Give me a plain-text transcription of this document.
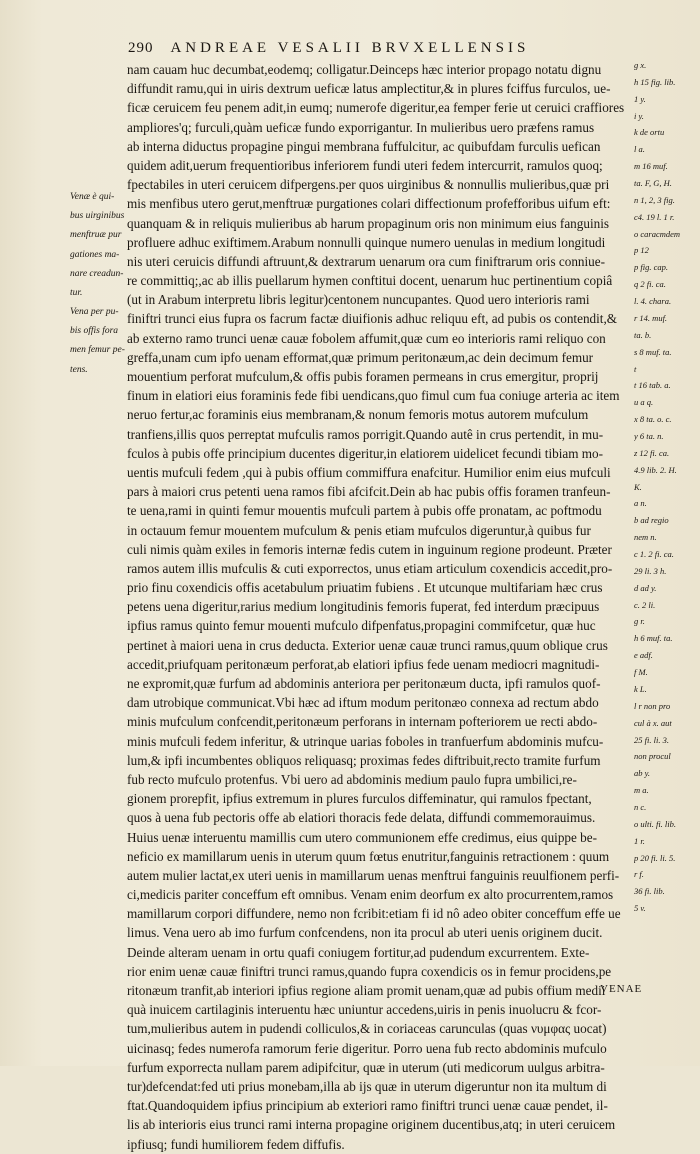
290 ANDREAE VESALII BRVXELLENSIS
nam cauam huc decumbat,eodemq; colligatur.Deinceps hæc interior propago notatu dignu
diffundit ramu,qui in uiris dextrum ueficæ latus amplectitur,& in plures fciffus furculos, ue-
ficæ ceruicem feu penem adit,in eumq; numerofe digeritur,ea femper ferie ut ceruici craffiores
ampliores'q; furculi,quàm ueficæ fundo exporrigantur. In mulieribus uero præfens ramus
ab interna diductus propagine pingui membrana fuffulcitur, ac quibufdam furculis uefican
quidem adit,uerum frequentioribus inferiorem fundi uteri fedem intercurrit, ramulos quoq;
fpectabiles in uteri ceruicem difpergens.per quos uirginibus & nonnullis mulieribus,quæ pri
mis menfibus utero gerut,menftruæ purgationes colari diffectionum profefforibus uifum eft:
quanquam & in reliquis mulieribus ab harum propaginum oris non minimum eius fanguinis
profluere adhuc exiftimem.Arabum nonnulli quinque numero uenulas in medium longitudi
nis uteri ceruicis diffundi aftruunt,& dextrarum uenarum ora cum finiftrarum oris conniue-
re committiq;,ac ab illis puellarum hymen conftitui docent, uenarum huc pertinentium copiâ
(ut in Arabum interpretu libris legitur)centonem nuncupantes. Quod uero interioris rami
finiftri trunci eius fupra os facrum factæ diuifionis adhuc reliquu eft, ad pubis os contendit,&
ab externo ramo trunci uenæ cauæ fobolem affumit,quæ cum eo interioris rami reliquo con
greffa,unam cum ipfo uenam efformat,quæ primum peritonæum,ac dein decimum femur
mouentium perforat mufculum,& offis pubis foramen permeans in crus emergitur, proprij
finum in elatiori eius foraminis fede fibi uendicans,quo fimul cum fua coniuge arteria ac item
neruo fertur,ac foraminis eius membranam,& nonum femoris motus autorem mufculum
tranfiens,illis quos perreptat mufculis ramos porrigit.Quando autê in crus pertendit, in mu-
fculos à pubis offe principium ducentes digeritur,in elatiorem uidelicet fecundi tibiam mo-
uentis mufculi fedem ,qui à pubis offium commiffura enafcitur. Humilior enim eius mufculi
pars à maiori crus petenti uena ramos fibi afcifcit.Dein ab hac pubis offis foramen tranfeun-
te uena,rami in quinti femur mouentis mufculi partem à pubis offe pronatam, ac poftmodu
in octauum femur mouentem mufculum & penis etiam mufculos digeruntur,à quibus fur
culi nimis quàm exiles in femoris internæ fedis cutem in inguinum regione prodeunt. Præter
ramos autem illis mufculis & cuti exporrectos, unus etiam articulum coxendicis accedit,pro-
prio finu coxendicis offis acetabulum priuatim fubiens . Et utcunque multifariam hæc crus
petens uena digeritur,rarius medium longitudinis femoris fuperat, fed interdum præcipuus
ipfius ramus quinto femur mouenti mufculo difpenfatus,propagini commifcetur, quæ huc
pertinet à maiori uena in crus deducta. Exterior uenæ cauæ trunci ramus,quum oblique crus
accedit,priufquam peritonæum perforat,ab elatiori ipfius fede uenam mediocri magnitudi-
ne expromit,quæ furfum ad abdominis anteriora per peritonæum ducta, ipfi ramulos quof-
dam utrobique communicat.Vbi hæc ad iftum modum peritonæo connexa ad rectum abdo
minis mufculum confcendit,peritonæum perforans in internam pofteriorem ue recti abdo-
minis mufculi fedem inferitur, & utrinque uarias foboles in tranfuerfum abdominis mufcu-
lum,& ipfi incumbentes obliquos reliquasq; proximas fedes diftribuit,recto tramite furfum
fub recto mufculo protenfus. Vbi uero ad abdominis medium paulo fupra umbilici,re-
gionem prorepfit, ipfius extremum in plures furculos diffeminatur, qui ramulos fpectant,
quos à uena fub pectoris offe ab elatiori thoracis fede delata, diffundi commemorauimus.
Huius uenæ interuentu mamillis cum utero communionem effe credimus, eius quippe be-
neficio ex mamillarum uenis in uterum quum fœtus enutritur,fanguinis retractionem : quum
autem mulier lactat,ex uteri uenis in mamillarum uenas menftrui fanguinis reuulfionem perfi-
ci,medicis pariter conceffum eft omnibus. Venam enim deorfum ex alto procurrentem,ramos
mamillarum corpori diffundere, nemo non fcribit:etiam fi id nô adeo obiter conceffum effe ue
limus. Vena uero ab imo furfum confcendens, non ita procul ab uteri uenis originem ducit.
Deinde alteram uenam in ortu quafi coniugem fortitur,ad pudendum excurrentem. Exte-
rior enim uenæ cauæ finiftri trunci ramus,quando fupra coxendicis os in femur procidens,pe
ritonæum tranfit,ab interiori ipfius regione aliam promit uenam,quæ ad pubis offium medii
quà inuicem cartilaginis interuentu hæc uniuntur accedens,uiris in penis inuolucru & fcor-
tum,mulieribus autem in pudendi colliculos,& in coriaceas carunculas (quas νυμφας uocat)
uicinasq; fedes numerofa ramorum ferie digeritur. Porro uena fub recto abdominis mufculo
furfum exporrecta nullam parem adipifcitur, quæ in uterum (uti medicorum uulgus arbitra-
tur)defcendat:fed uti prius monebam,illa ab ijs quæ in uterum digeruntur non ita multum di
ftat.Quandoquidem ipfius principium ab exteriori ramo finiftri trunci uenæ cauæ pendet, il-
lis ab interioris eius trunci rami interna propagine originem ducentibus,atq; in uteri ceruicem
ipfiusq; fundi humiliorem fedem diffufis.
Venæ è qui-
bus uirginibus
menftruæ pur
gationes ma-
nare creadun-
tur.
Vena per pu-
bis offis fora
men femur pe-
tens.
g x.
h 15 fig. lib.
1 y.
i y.
k de ortu
l a.
m 16 muf.
ta. F, G, H.
n 1, 2, 3 fig.
c4. 19 l. 1 r.
o caracmdem
p 12
p fig. cap.
q 2 fi. ca.
l. 4. chara.
r 14. muf.
ta. b.
s 8 muf. ta.
t
t 16 tab. a.
u a q.
x 8 ta. o. c.
y 6 ta. n.
z 12 fi. ca.
4.9 lib. 2. H.
K.
a n.
b ad regio
nem n.
c 1. 2 fi. ca.
29 li. 3 h.
d ad y.
c. 2 li.
g r.
h 6 muf. ta.
e adf.
f M.
k L.
l r non pro
cul à x. aut
25 fi. li. 3.
non procul
ab y.
m a.
n c.
o ulti. fi. lib.
1 r.
p 20 fi. li. 5.
r f.
36 fi. lib.
5 v.
VENAE
